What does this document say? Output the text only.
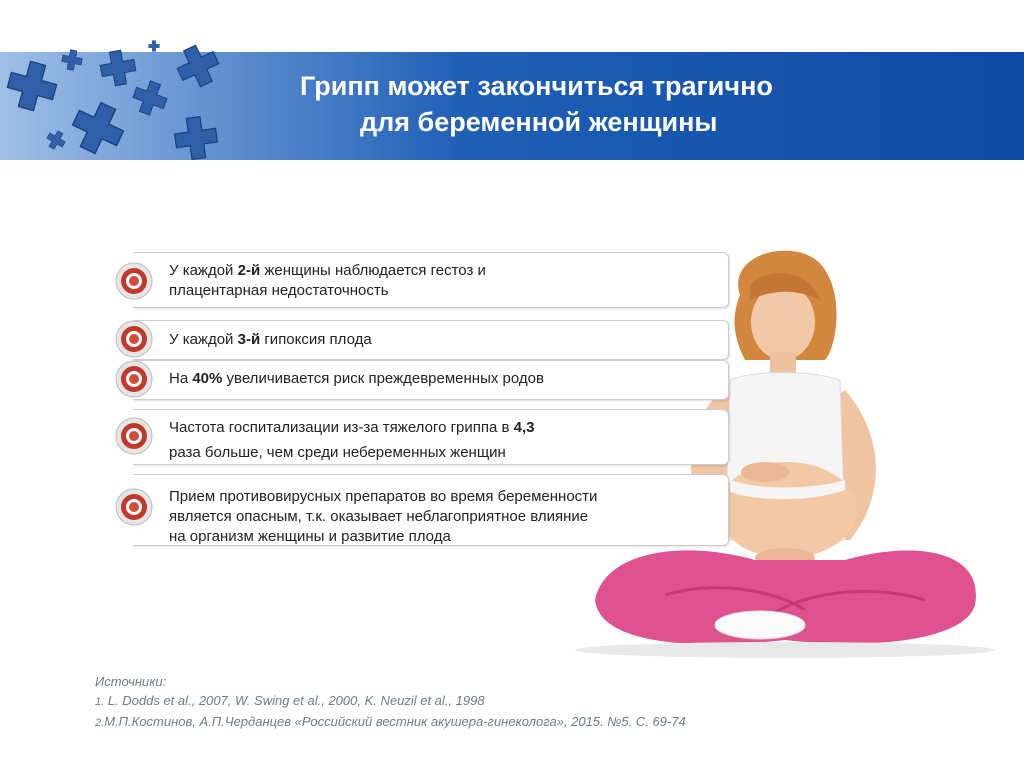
Грипп может закончиться трагично
для беременной женщины
У каждой 2-й женщины наблюдается гестоз и
плацентарная недостаточность
У каждой 3-й гипоксия плода
На 40% увеличивается риск преждевременных родов
Частота госпитализации из-за тяжелого гриппа в 4,3
раза больше, чем среди небеременных женщин
Прием противовирусных препаратов во время беременности
является опасным, т.к. оказывает неблагоприятное влияние
на организм женщины и развитие плода
Источники:
1. L. Dodds et al., 2007, W. Swing et al., 2000, K. Neuzil et al., 1998
2.М.П.Костинов, А.П.Черданцев «Российский вестник акушера-гинеколога», 2015. №5. С. 69-74
